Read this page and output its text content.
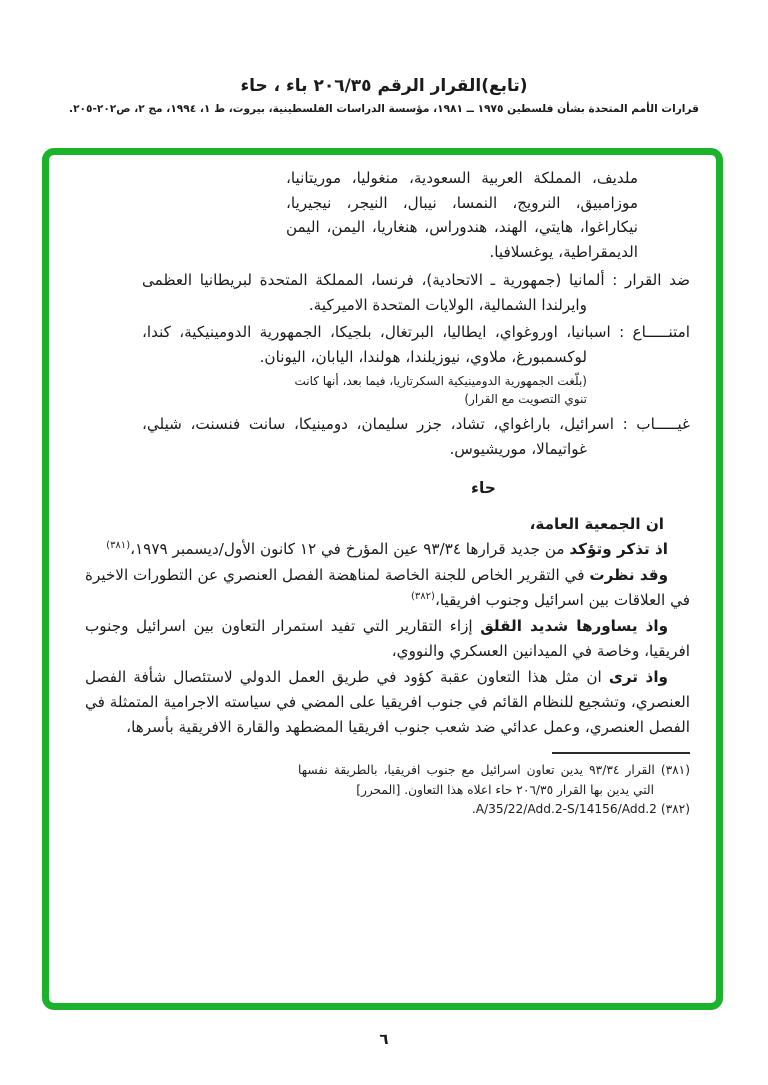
(تابع)القرار الرقم ٢٠٦/٣٥ باء ، حاء
قرارات الأمم المتحدة بشأن فلسطين ١٩٧٥ ــ ١٩٨١، مؤسسة الدراسات الفلسطينية، بيروت، ط ١، ١٩٩٤، مج ٢، ص٢٠٢-٢٠٥.

ملديف، المملكة العربية السعودية، منغوليا، موريتانيا، موزامبيق، النرويج، النمسا، نيبال، النيجر، نيجيريا، نيكاراغوا، هايتي، الهند، هندوراس، هنغاريا، اليمن، اليمن الديمقراطية، يوغسلافيا.

ضد القرار : ألمانيا (جمهورية ـ الاتحادية)، فرنسا، المملكة المتحدة لبريطانيا العظمى وايرلندا الشمالية، الولايات المتحدة الاميركية.

امتنـــــاع : اسبانيا، اوروغواي، ايطاليا، البرتغال، بلجيكا، الجمهورية الدومينيكية، كندا، لوكسمبورغ، ملاوي، نيوزيلندا، هولندا، اليابان، اليونان.

(بلّغت الجمهورية الدومينيكية السكرتاريا، فيما بعد، أنها كانت تنوي التصويت مع القرار)

غيـــــاب : اسرائيل، باراغواي، تشاد، جزر سليمان، دومينيكا، سانت فنسنت، شيلي، غواتيمالا، موريشيوس.

حاء

ان الجمعية العامة،

اذ تذكر وتؤكد من جديد قرارها ٩٣/٣٤ عين المؤرخ في ١٢ كانون الأول/ديسمبر ١٩٧٩،$^{(٣٨١)}$

وقد نظرت في التقرير الخاص للجنة الخاصة لمناهضة الفصل العنصري عن التطورات الاخيرة في العلاقات بين اسرائيل وجنوب افريقيا،$^{(٣٨٢)}$

واذ يساورها شديد القلق إزاء التقارير التي تفيد استمرار التعاون بين اسرائيل وجنوب افريقيا، وخاصة في الميدانين العسكري والنووي،

واذ ترى ان مثل هذا التعاون عقبة كؤود في طريق العمل الدولي لاستئصال شأفة الفصل العنصري، وتشجيع للنظام القائم في جنوب افريقيا على المضي في سياسته الاجرامية المتمثلة في الفصل العنصري، وعمل عدائي ضد شعب جنوب افريقيا المضطهد والقارة الافريقية بأسرها،

(٣٨١) القرار ٩٣/٣٤ يدين تعاون اسرائيل مع جنوب افريقيا، بالطريقة نفسها التي يدين بها القرار ٢٠٦/٣٥ حاء اعلاه هذا التعاون. [المحرر]

(٣٨٢) A/35/22/Add.2-S/14156/Add.2.

٦
